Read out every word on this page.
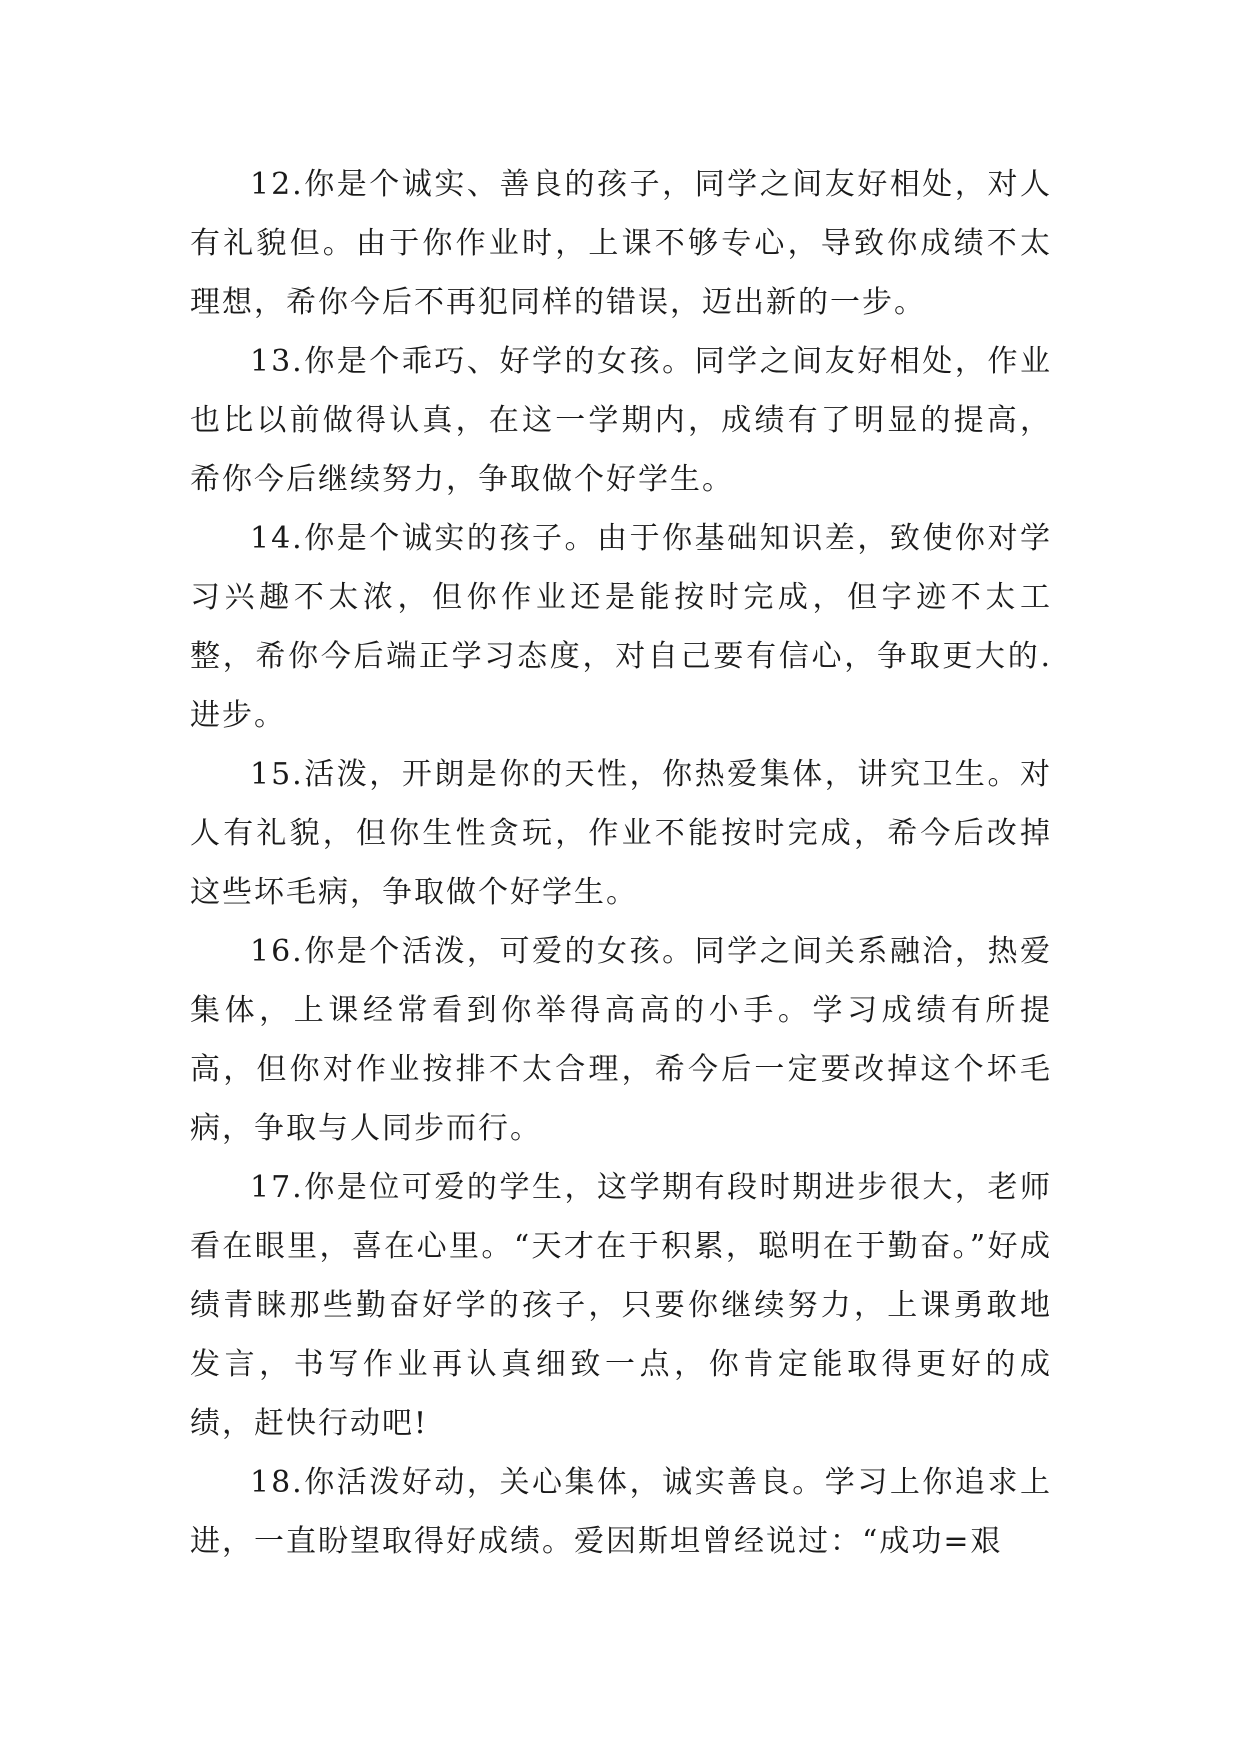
12.你是个诚实、善良的孩子，同学之间友好相处，对人有礼貌但。由于你作业时，上课不够专心，导致你成绩不太理想，希你今后不再犯同样的错误，迈出新的一步。

13.你是个乖巧、好学的女孩。同学之间友好相处，作业也比以前做得认真，在这一学期内，成绩有了明显的提高，希你今后继续努力，争取做个好学生。

14.你是个诚实的孩子。由于你基础知识差，致使你对学习兴趣不太浓，但你作业还是能按时完成，但字迹不太工整，希你今后端正学习态度，对自己要有信心，争取更大的.进步。

15.活泼，开朗是你的天性，你热爱集体，讲究卫生。对人有礼貌，但你生性贪玩，作业不能按时完成，希今后改掉这些坏毛病，争取做个好学生。

16.你是个活泼，可爱的女孩。同学之间关系融洽，热爱集体，上课经常看到你举得高高的小手。学习成绩有所提高，但你对作业按排不太合理，希今后一定要改掉这个坏毛病，争取与人同步而行。

17.你是位可爱的学生，这学期有段时期进步很大，老师看在眼里，喜在心里。“天才在于积累，聪明在于勤奋。”好成绩青睐那些勤奋好学的孩子，只要你继续努力，上课勇敢地发言，书写作业再认真细致一点，你肯定能取得更好的成绩，赶快行动吧!

18.你活泼好动，关心集体，诚实善良。学习上你追求上进，一直盼望取得好成绩。爱因斯坦曾经说过：“成功=艰
